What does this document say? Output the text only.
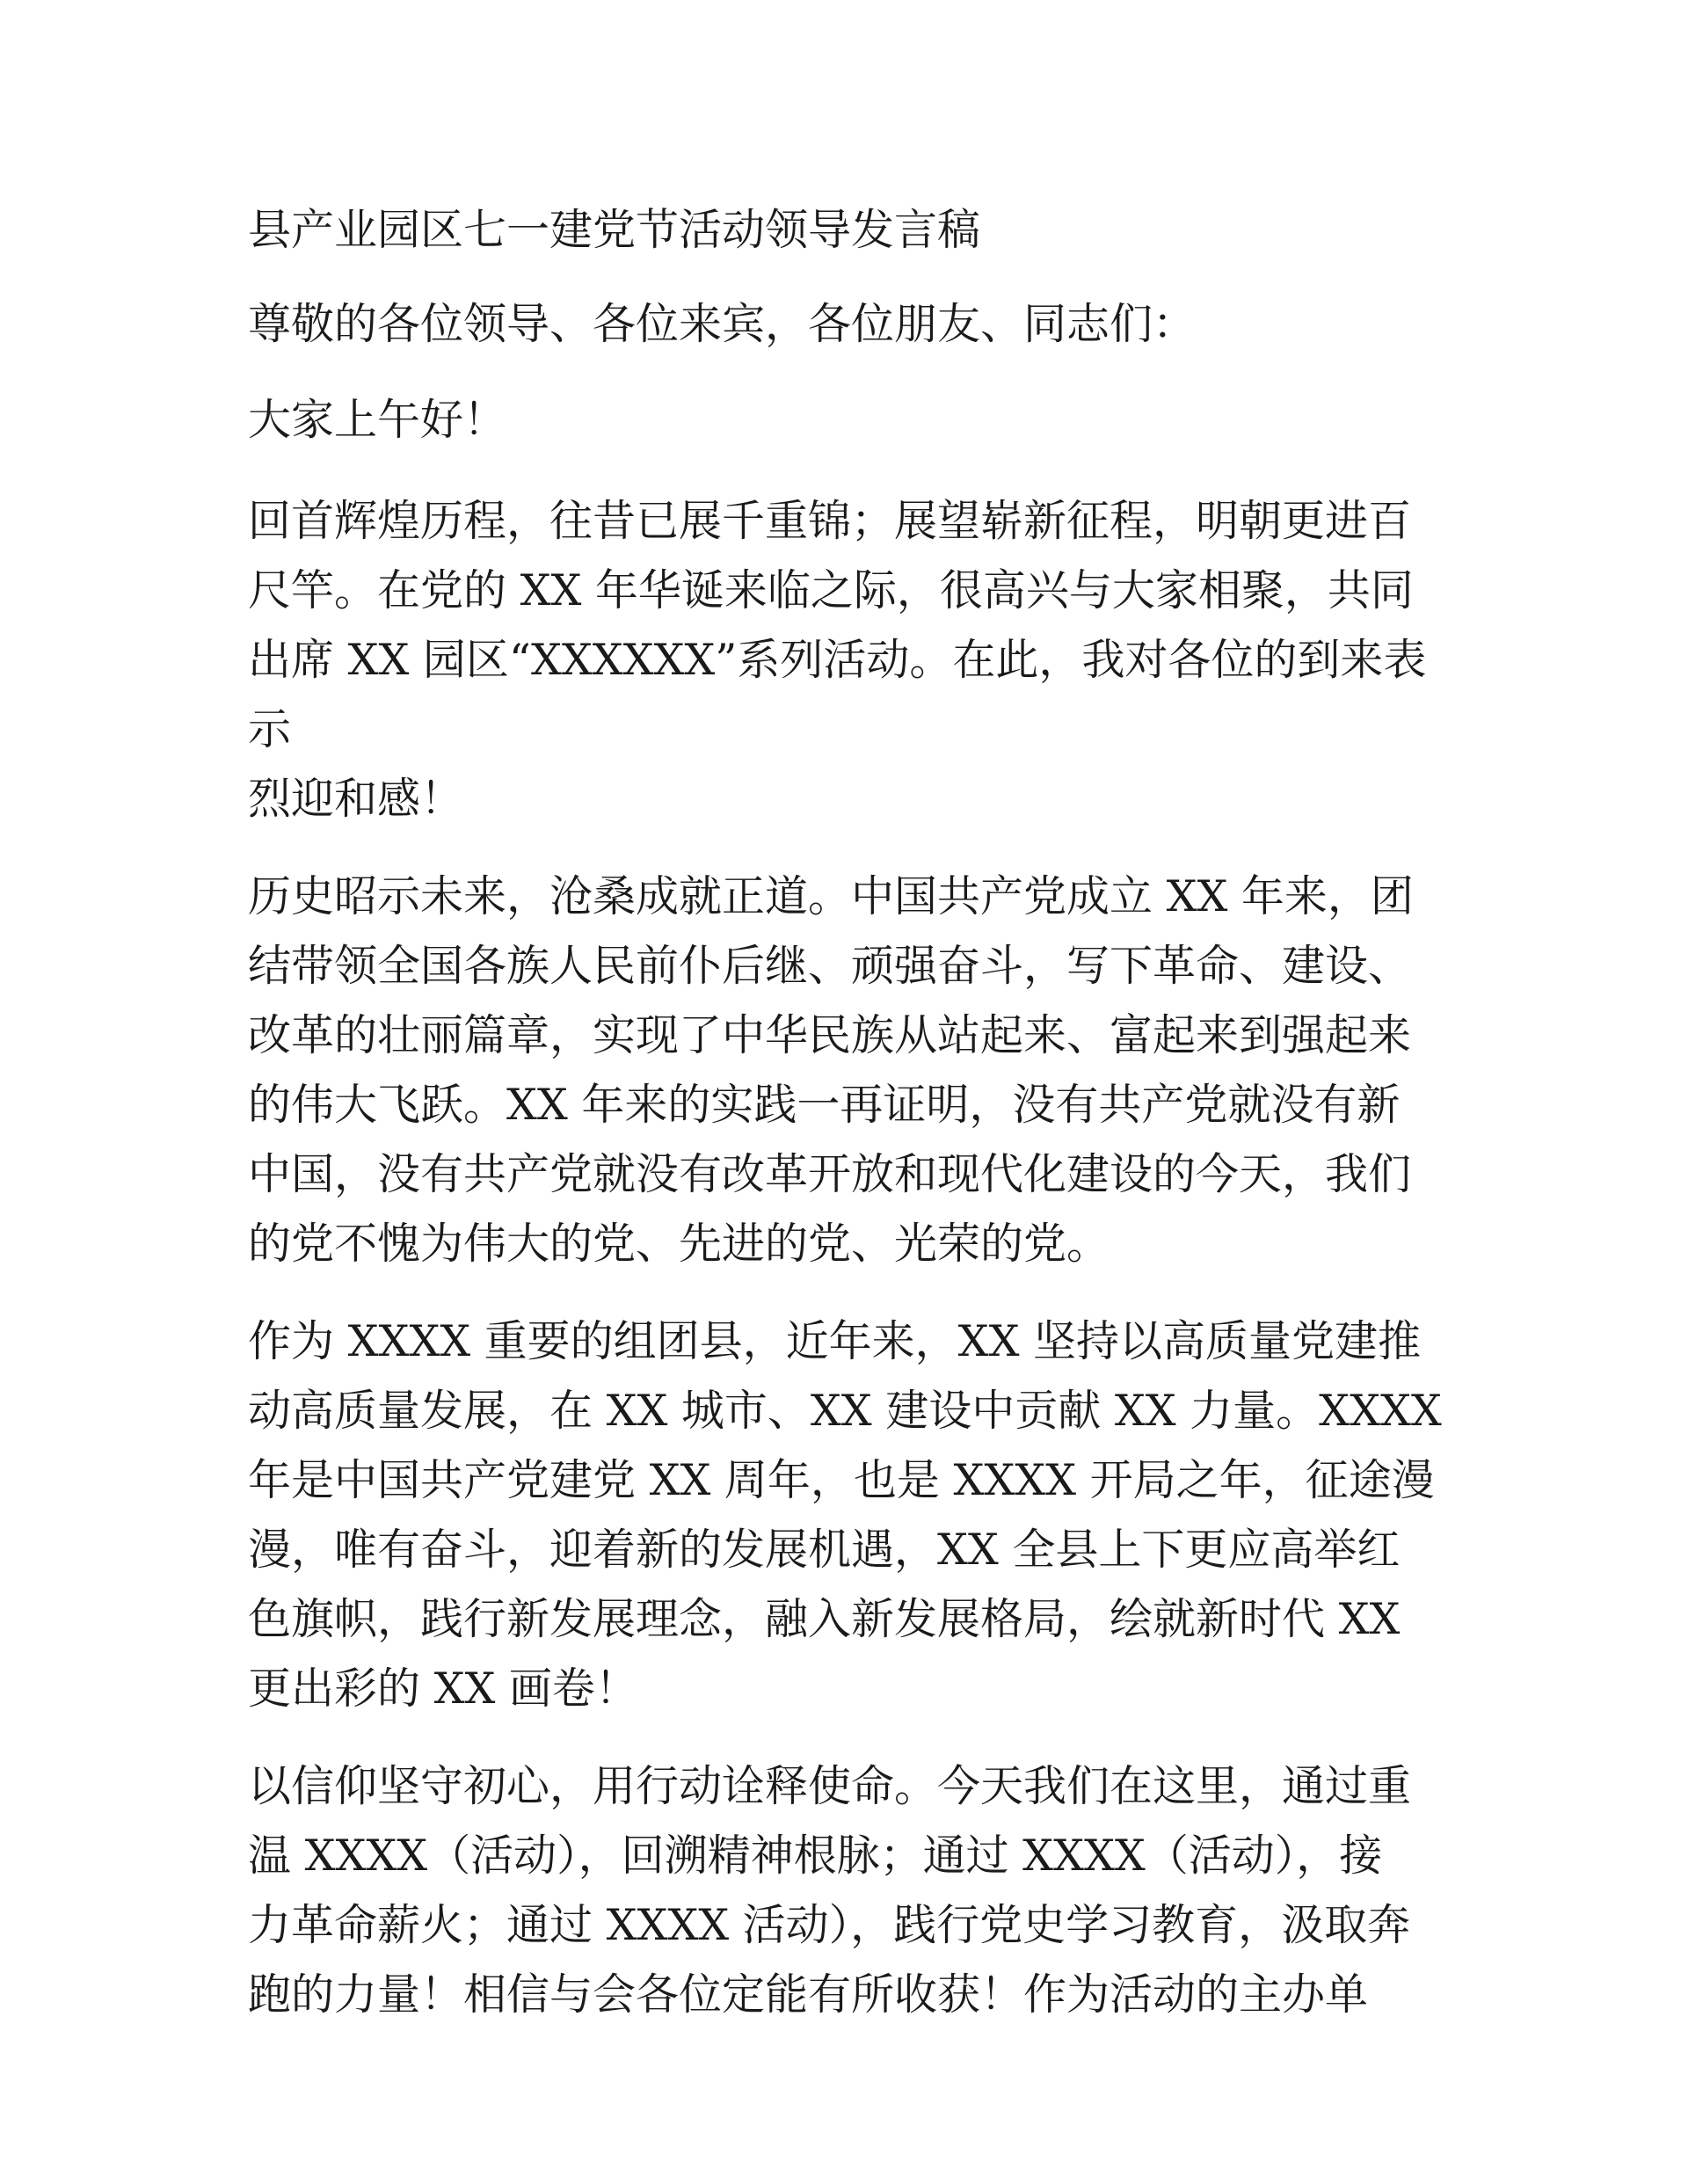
县产业园区七一建党节活动领导发言稿

尊敬的各位领导、各位来宾，各位朋友、同志们：

大家上午好！

回首辉煌历程，往昔已展千重锦；展望崭新征程，明朝更进百
尺竿。在党的 XX 年华诞来临之际，很高兴与大家相聚，共同
出席 XX 园区“XXXXXX”系列活动。在此，我对各位的到来表示
烈迎和感！

历史昭示未来，沧桑成就正道。中国共产党成立 XX 年来，团
结带领全国各族人民前仆后继、顽强奋斗，写下革命、建设、
改革的壮丽篇章，实现了中华民族从站起来、富起来到强起来
的伟大飞跃。XX 年来的实践一再证明，没有共产党就没有新
中国，没有共产党就没有改革开放和现代化建设的今天，我们
的党不愧为伟大的党、先进的党、光荣的党。

作为 XXXX 重要的组团县，近年来，XX 坚持以高质量党建推
动高质量发展，在 XX 城市、XX 建设中贡献 XX 力量。XXXX
年是中国共产党建党 XX 周年，也是 XXXX 开局之年，征途漫
漫，唯有奋斗，迎着新的发展机遇，XX 全县上下更应高举红
色旗帜，践行新发展理念，融入新发展格局，绘就新时代 XX
更出彩的 XX 画卷！

以信仰坚守初心，用行动诠释使命。今天我们在这里，通过重
温 XXXX（活动），回溯精神根脉；通过 XXXX（活动），接
力革命薪火；通过 XXXX 活动），践行党史学习教育，汲取奔
跑的力量！相信与会各位定能有所收获！作为活动的主办单
